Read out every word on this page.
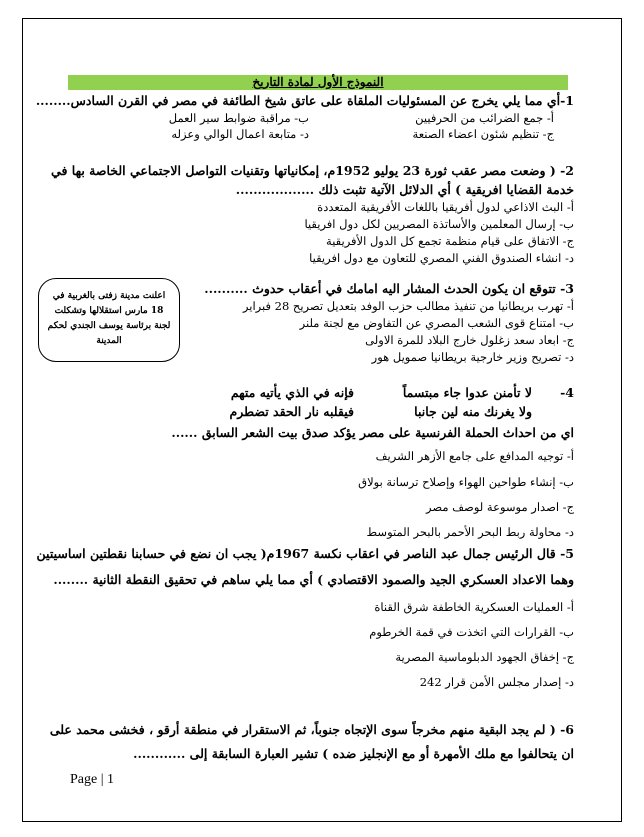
النموذج الأول لمادة التاريخ
1-أي مما يلي يخرج عن المسئوليات الملقاة على عاتق شيخ الطائفة في مصر في القرن السادس........
أ- جمع الضرائب من الحرفيين
ب- مراقبة ضوابط سير العمل
ج- تنظيم شئون اعضاء الصنعة
د- متابعة اعمال الوالي وعزله
2- ( وضعت مصر عقب ثورة 23 يوليو 1952م، إمكانياتها وتقنيات التواصل الاجتماعي الخاصة بها في
خدمة القضايا افريقية ) أي الدلائل الآتية تثبت ذلك ..................
أ- البث الاذاعي لدول أفريقيا باللغات الأفريقية المتعددة
ب- إرسال المعلمين والأساتذة المصريين لكل دول افريقيا
ج- الاتفاق على قيام منظمة تجمع كل الدول الأفريقية
د- انشاء الصندوق الفني المصري للتعاون مع دول افريقيا
3- تتوقع ان يكون الحدث المشار اليه امامك في أعقاب حدوث ..........
أ- تهرب بريطانيا من تنفيذ مطالب حزب الوفد بتعديل تصريح 28 فبراير
ب- امتناع قوى الشعب المصري عن التفاوض مع لجنة ملنر
ج- ابعاد سعد زغلول خارج البلاد للمرة الاولى
د- تصريح وزير خارجية بريطانيا صمويل هور
اعلنت مدينة زفتى بالغربية في
18 مارس استقلالها وتشكلت
لجنة برئاسة يوسف الجندي لحكم
المدينة
4-
لا تأمنن عدوا جاء مبتسماً
فإنه في الذي يأتيه متهم
ولا يغرنك منه لين جانبا
فيقلبه نار الحقد تضطرم
اي من احداث الحملة الفرنسية على مصر يؤكد صدق بيت الشعر السابق ......
أ- توجيه المدافع على جامع الأزهر الشريف
ب- إنشاء طواحين الهواء وإصلاح ترسانة بولاق
ج- اصدار موسوعة لوصف مصر
د- محاولة ربط البحر الأحمر بالبحر المتوسط
5- قال الرئيس جمال عبد الناصر في اعقاب نكسة 1967م( يجب ان نضع في حسابنا نقطتين اساسيتين
وهما الاعداد العسكري الجيد والصمود الاقتصادي ) أي مما يلي ساهم في تحقيق النقطة الثانية ........
أ- العمليات العسكرية الخاطفة شرق القناة
ب- القرارات التي اتخذت في قمة الخرطوم
ج- إخفاق الجهود الدبلوماسية المصرية
د- إصدار مجلس الأمن قرار 242
6- ( لم يجد البقية منهم مخرجاً سوى الإتجاه جنوباً، ثم الاستقرار في منطقة أرقو ، فخشى محمد على
ان يتحالفوا مع ملك الأمهرة أو مع الإنجليز ضده ) تشير العبارة السابقة إلى ............
Page | 1
